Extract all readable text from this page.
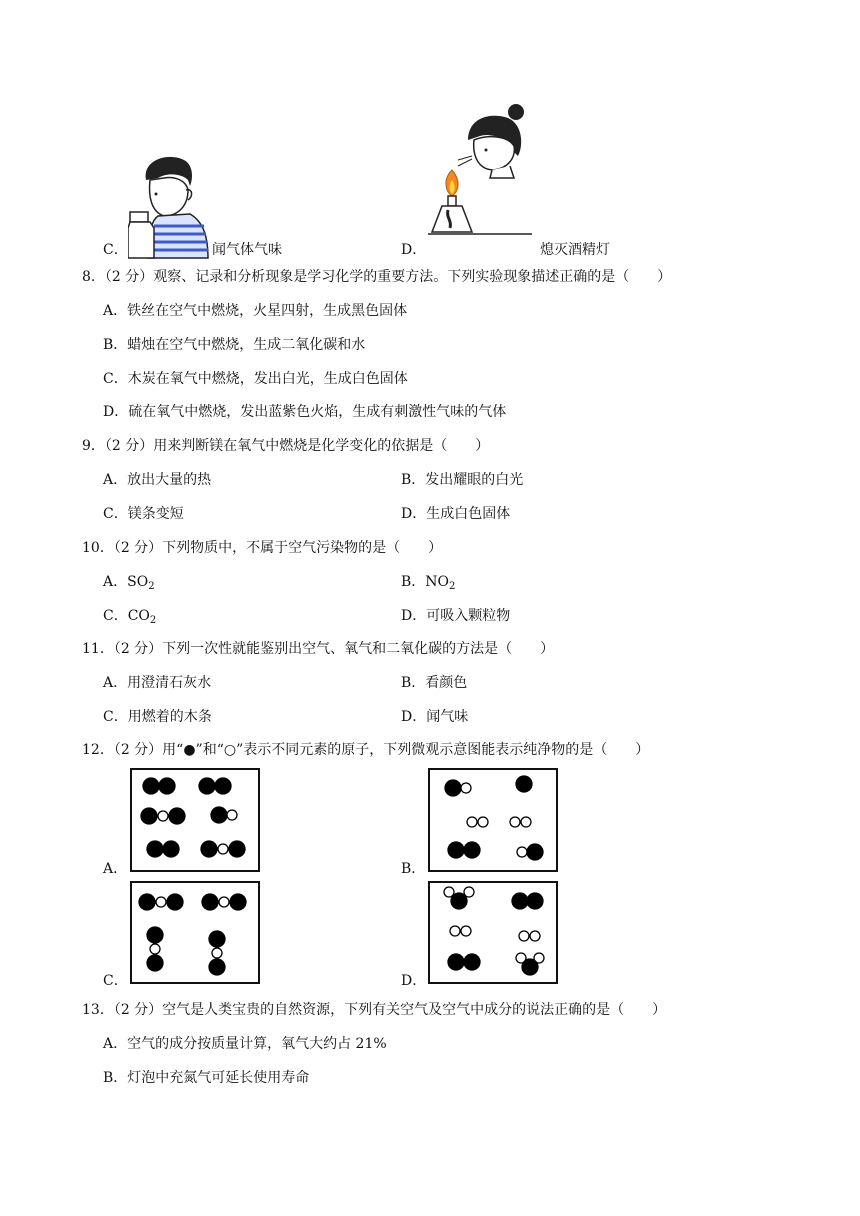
C．	闻气体气味	D．	熄灭酒精灯
8．（2 分）观察、记录和分析现象是学习化学的重要方法。下列实验现象描述正确的是（　　）
A．铁丝在空气中燃烧，火星四射，生成黑色固体
B．蜡烛在空气中燃烧，生成二氧化碳和水
C．木炭在氧气中燃烧，发出白光，生成白色固体
D．硫在氧气中燃烧，发出蓝紫色火焰，生成有刺激性气味的气体
9．（2 分）用来判断镁在氧气中燃烧是化学变化的依据是（　　）
A．放出大量的热	B．发出耀眼的白光
C．镁条变短	D．生成白色固体
10．（2 分）下列物质中，不属于空气污染物的是（　　）
A．$SO_2$	B．$NO_2$
C．$CO_2$	D．可吸入颗粒物
11．（2 分）下列一次性就能鉴别出空气、氧气和二氧化碳的方法是（　　）
A．用澄清石灰水	B．看颜色
C．用燃着的木条	D．闻气味
12．（2 分）用“●”和“○”表示不同元素的原子，下列微观示意图能表示纯净物的是（　　）
A．	B．
C．	D．
13．（2 分）空气是人类宝贵的自然资源，下列有关空气及空气中成分的说法正确的是（　　）
A．空气的成分按质量计算，氧气大约占 21%
B．灯泡中充氮气可延长使用寿命
